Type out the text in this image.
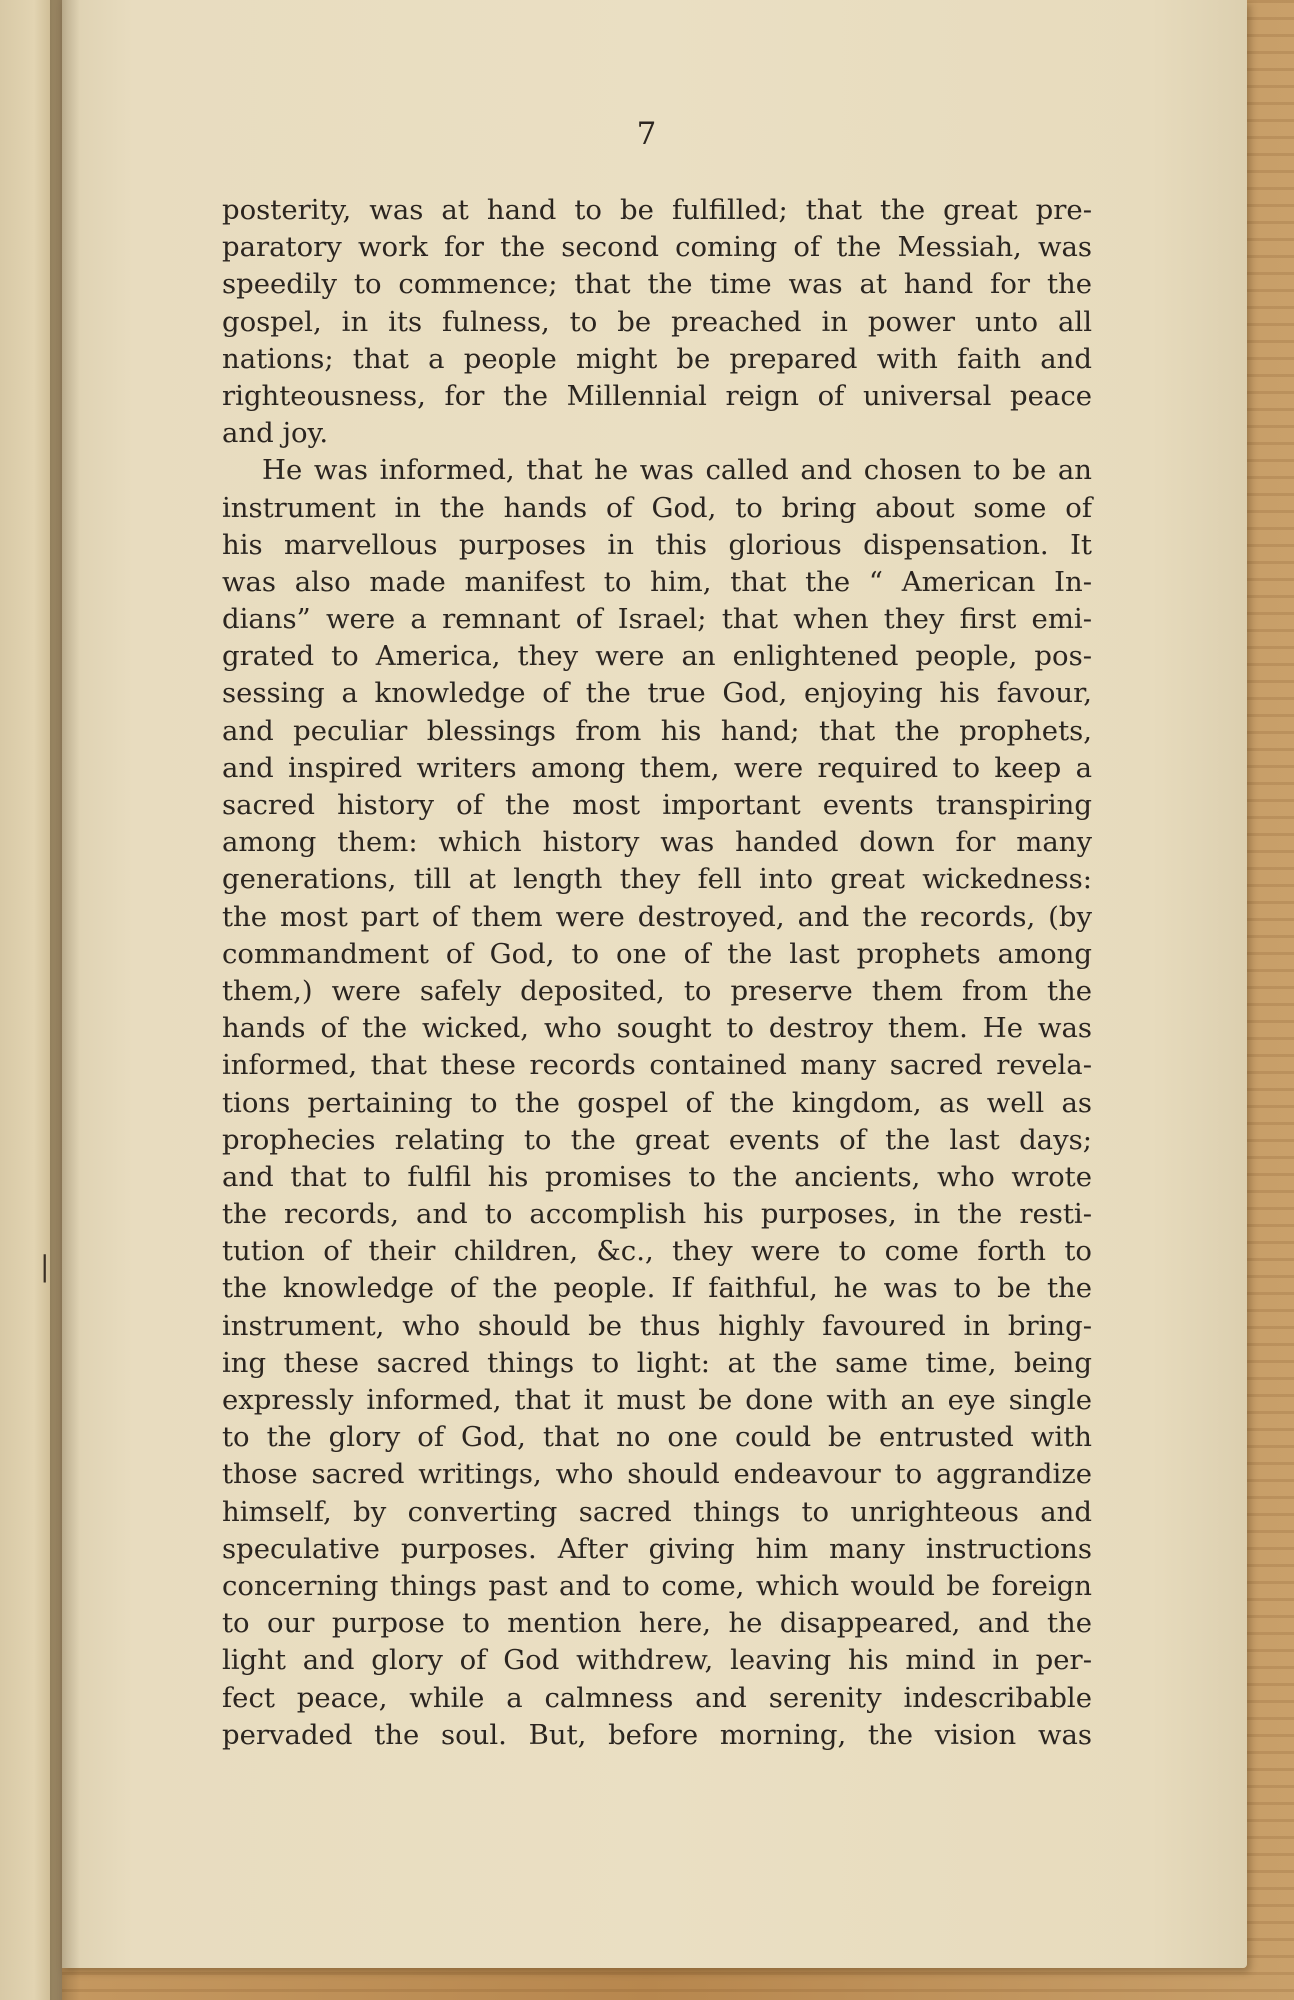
|

7

posterity, was at hand to be fulfilled; that the great pre-
paratory work for the second coming of the Messiah, was
speedily to commence; that the time was at hand for the
gospel, in its fulness, to be preached in power unto all
nations; that a people might be prepared with faith and
righteousness, for the Millennial reign of universal peace
and joy.
He was informed, that he was called and chosen to be an
instrument in the hands of God, to bring about some of
his marvellous purposes in this glorious dispensation. It
was also made manifest to him, that the “ American In-
dians” were a remnant of Israel; that when they first emi-
grated to America, they were an enlightened people, pos-
sessing a knowledge of the true God, enjoying his favour,
and peculiar blessings from his hand; that the prophets,
and inspired writers among them, were required to keep a
sacred history of the most important events transpiring
among them: which history was handed down for many
generations, till at length they fell into great wickedness:
the most part of them were destroyed, and the records, (by
commandment of God, to one of the last prophets among
them,) were safely deposited, to preserve them from the
hands of the wicked, who sought to destroy them. He was
informed, that these records contained many sacred revela-
tions pertaining to the gospel of the kingdom, as well as
prophecies relating to the great events of the last days;
and that to fulfil his promises to the ancients, who wrote
the records, and to accomplish his purposes, in the resti-
tution of their children, &c., they were to come forth to
the knowledge of the people. If faithful, he was to be the
instrument, who should be thus highly favoured in bring-
ing these sacred things to light: at the same time, being
expressly informed, that it must be done with an eye single
to the glory of God, that no one could be entrusted with
those sacred writings, who should endeavour to aggrandize
himself, by converting sacred things to unrighteous and
speculative purposes. After giving him many instructions
concerning things past and to come, which would be foreign
to our purpose to mention here, he disappeared, and the
light and glory of God withdrew, leaving his mind in per-
fect peace, while a calmness and serenity indescribable
pervaded the soul. But, before morning, the vision was
